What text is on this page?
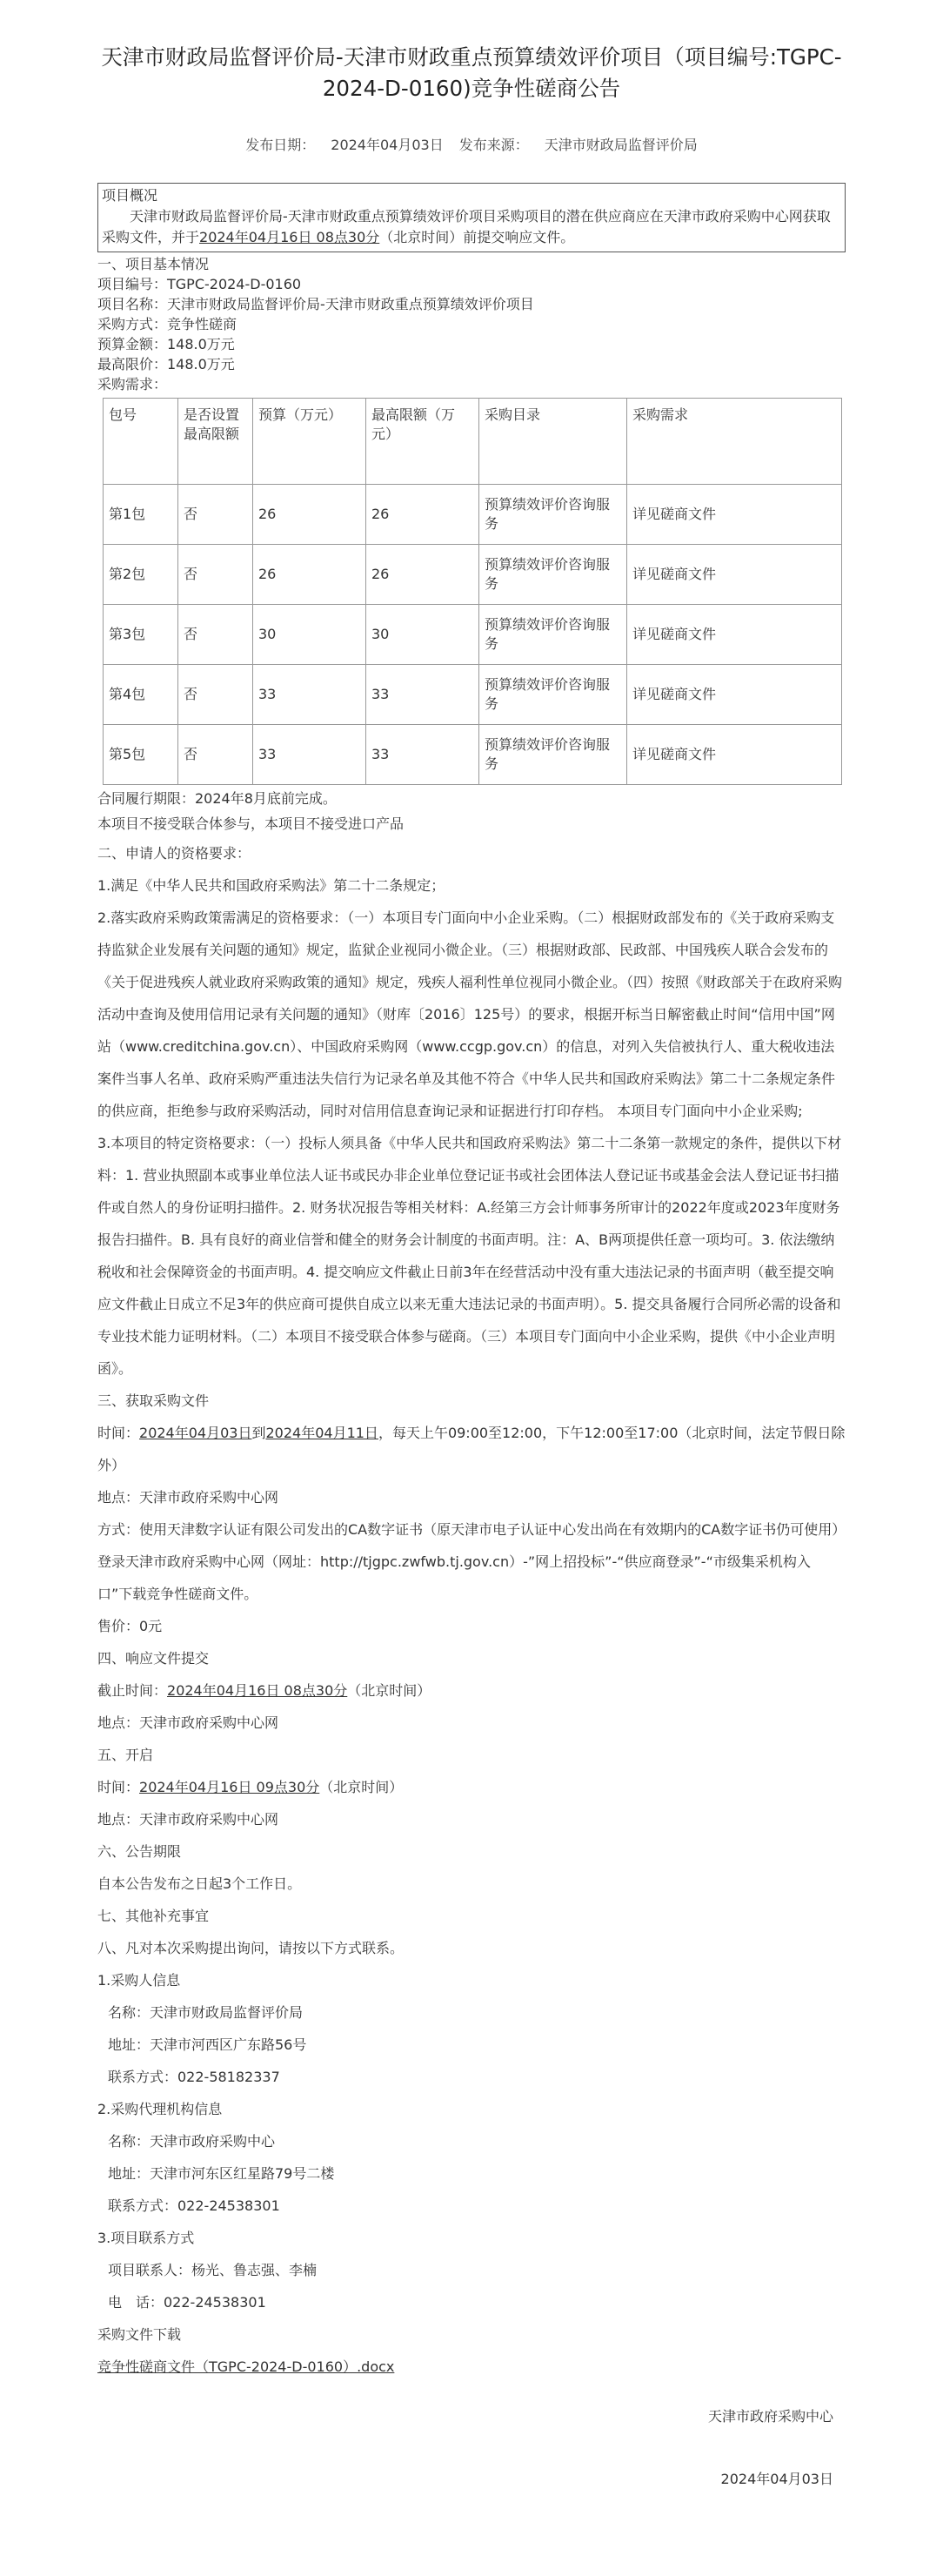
天津市财政局监督评价局-天津市财政重点预算绩效评价项目（项目编号:TGPC-2024-D-0160)竞争性磋商公告
发布日期： 2024年04月03日 发布来源： 天津市财政局监督评价局
项目概况
天津市财政局监督评价局-天津市财政重点预算绩效评价项目采购项目的潜在供应商应在天津市政府采购中心网获取采购文件，并于2024年04月16日 08点30分（北京时间）前提交响应文件。
一、项目基本情况
项目编号：TGPC-2024-D-0160
项目名称：天津市财政局监督评价局-天津市财政重点预算绩效评价项目
采购方式：竞争性磋商
预算金额：148.0万元
最高限价：148.0万元
采购需求：
包号	是否设置最高限额	预算（万元）	最高限额（万元）	采购目录	采购需求
第1包	否	26	26	预算绩效评价咨询服务	详见磋商文件
第2包	否	26	26	预算绩效评价咨询服务	详见磋商文件
第3包	否	30	30	预算绩效评价咨询服务	详见磋商文件
第4包	否	33	33	预算绩效评价咨询服务	详见磋商文件
第5包	否	33	33	预算绩效评价咨询服务	详见磋商文件
合同履行期限：2024年8月底前完成。
本项目不接受联合体参与，本项目不接受进口产品
二、申请人的资格要求：
1.满足《中华人民共和国政府采购法》第二十二条规定；
2.落实政府采购政策需满足的资格要求：（一）本项目专门面向中小企业采购。（二）根据财政部发布的《关于政府采购支持监狱企业发展有关问题的通知》规定，监狱企业视同小微企业。（三）根据财政部、民政部、中国残疾人联合会发布的《关于促进残疾人就业政府采购政策的通知》规定，残疾人福利性单位视同小微企业。（四）按照《财政部关于在政府采购活动中查询及使用信用记录有关问题的通知》（财库〔2016〕125号）的要求，根据开标当日解密截止时间“信用中国”网站（www.creditchina.gov.cn）、中国政府采购网（www.ccgp.gov.cn）的信息，对列入失信被执行人、重大税收违法案件当事人名单、政府采购严重违法失信行为记录名单及其他不符合《中华人民共和国政府采购法》第二十二条规定条件的供应商，拒绝参与政府采购活动，同时对信用信息查询记录和证据进行打印存档。 本项目专门面向中小企业采购;
3.本项目的特定资格要求：（一）投标人须具备《中华人民共和国政府采购法》第二十二条第一款规定的条件，提供以下材料：1. 营业执照副本或事业单位法人证书或民办非企业单位登记证书或社会团体法人登记证书或基金会法人登记证书扫描件或自然人的身份证明扫描件。2. 财务状况报告等相关材料：A.经第三方会计师事务所审计的2022年度或2023年度财务报告扫描件。B. 具有良好的商业信誉和健全的财务会计制度的书面声明。注：A、B两项提供任意一项均可。3. 依法缴纳税收和社会保障资金的书面声明。4. 提交响应文件截止日前3年在经营活动中没有重大违法记录的书面声明（截至提交响应文件截止日成立不足3年的供应商可提供自成立以来无重大违法记录的书面声明）。5. 提交具备履行合同所必需的设备和专业技术能力证明材料。（二）本项目不接受联合体参与磋商。（三）本项目专门面向中小企业采购，提供《中小企业声明函》。
三、获取采购文件
时间：2024年04月03日到2024年04月11日，每天上午09:00至12:00，下午12:00至17:00（北京时间，法定节假日除外）
地点：天津市政府采购中心网
方式：使用天津数字认证有限公司发出的CA数字证书（原天津市电子认证中心发出尚在有效期内的CA数字证书仍可使用）登录天津市政府采购中心网（网址：http://tjgpc.zwfwb.tj.gov.cn）-”网上招投标”-“供应商登录”-“市级集采机构入口”下载竞争性磋商文件。
售价：0元
四、响应文件提交
截止时间：2024年04月16日 08点30分（北京时间）
地点：天津市政府采购中心网
五、开启
时间：2024年04月16日 09点30分（北京时间）
地点：天津市政府采购中心网
六、公告期限
自本公告发布之日起3个工作日。
七、其他补充事宜
八、凡对本次采购提出询问，请按以下方式联系。
1.采购人信息
名称：天津市财政局监督评价局
地址：天津市河西区广东路56号
联系方式：022-58182337
2.采购代理机构信息
名称：天津市政府采购中心
地址：天津市河东区红星路79号二楼
联系方式：022-24538301
3.项目联系方式
项目联系人：杨光、鲁志强、李楠
电　话：022-24538301
采购文件下载
竞争性磋商文件（TGPC-2024-D-0160）.docx
天津市政府采购中心
2024年04月03日
